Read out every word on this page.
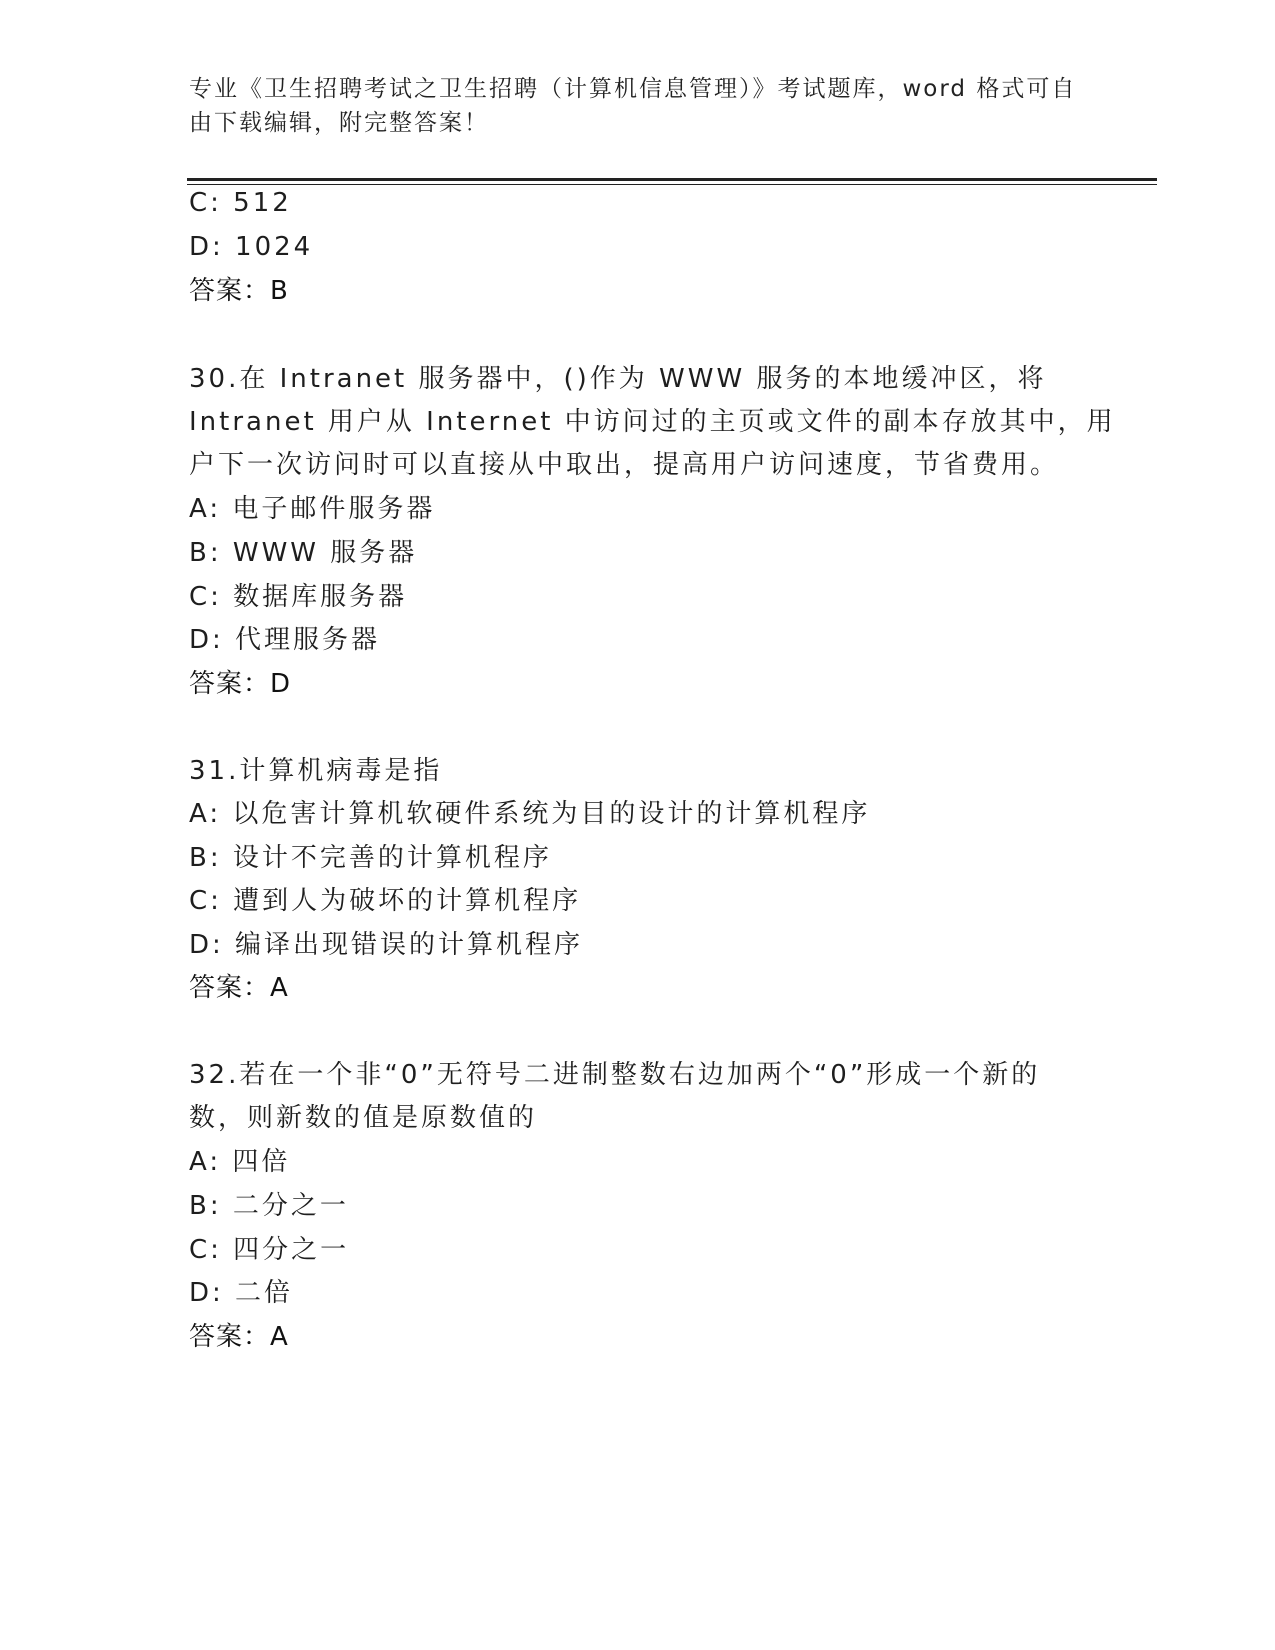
专业《卫生招聘考试之卫生招聘（计算机信息管理）》考试题库，word 格式可自
由下载编辑，附完整答案！
C: 512
D: 1024
答案：B
30.在 Intranet 服务器中，()作为 WWW 服务的本地缓冲区，将
Intranet 用户从 Internet 中访问过的主页或文件的副本存放其中，用
户下一次访问时可以直接从中取出，提高用户访问速度，节省费用。
A: 电子邮件服务器
B: WWW 服务器
C: 数据库服务器
D: 代理服务器
答案：D
31.计算机病毒是指
A: 以危害计算机软硬件系统为目的设计的计算机程序
B: 设计不完善的计算机程序
C: 遭到人为破坏的计算机程序
D: 编译出现错误的计算机程序
答案：A
32.若在一个非“0”无符号二进制整数右边加两个“0”形成一个新的
数，则新数的值是原数值的
A: 四倍
B: 二分之一
C: 四分之一
D: 二倍
答案：A
